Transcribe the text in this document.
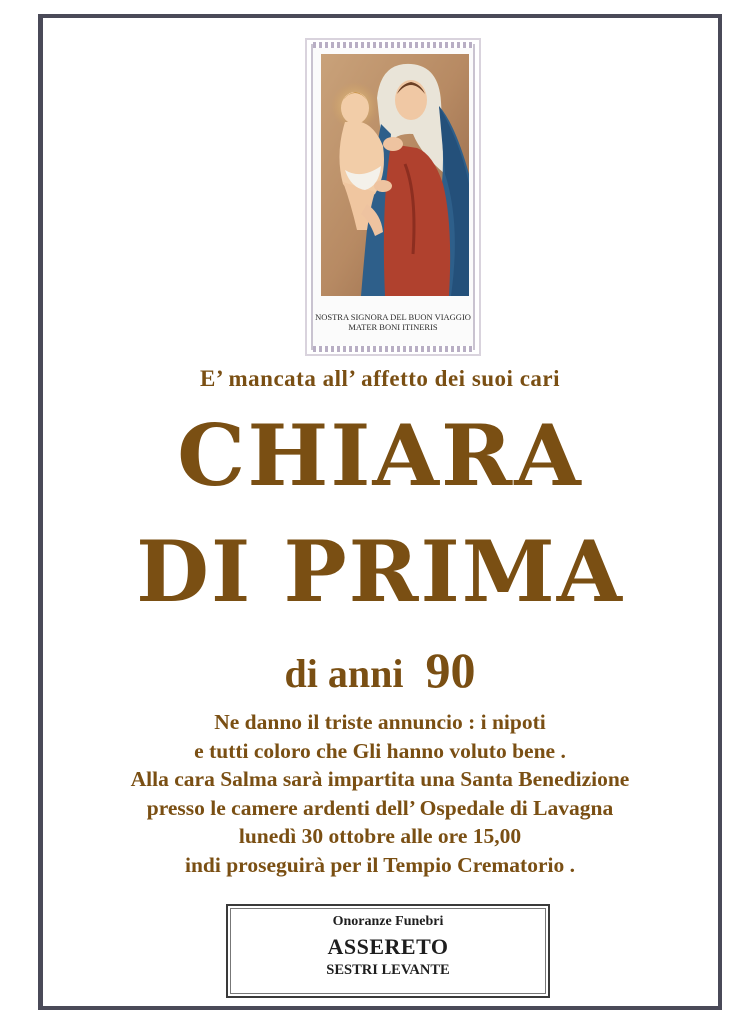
NOSTRA SIGNORA DEL BUON VIAGGIO
MATER BONI ITINERIS
E’ mancata all’ affetto dei suoi cari
CHIARA
DI PRIMA
di anni 90
Ne danno il triste annuncio : i nipoti
e tutti coloro che Gli hanno voluto bene .
Alla cara Salma sarà impartita una Santa Benedizione
presso le camere ardenti dell’ Ospedale di Lavagna
lunedì 30 ottobre alle ore 15,00
indi proseguirà per il Tempio Crematorio .
Onoranze Funebri
ASSERETO
SESTRI LEVANTE
